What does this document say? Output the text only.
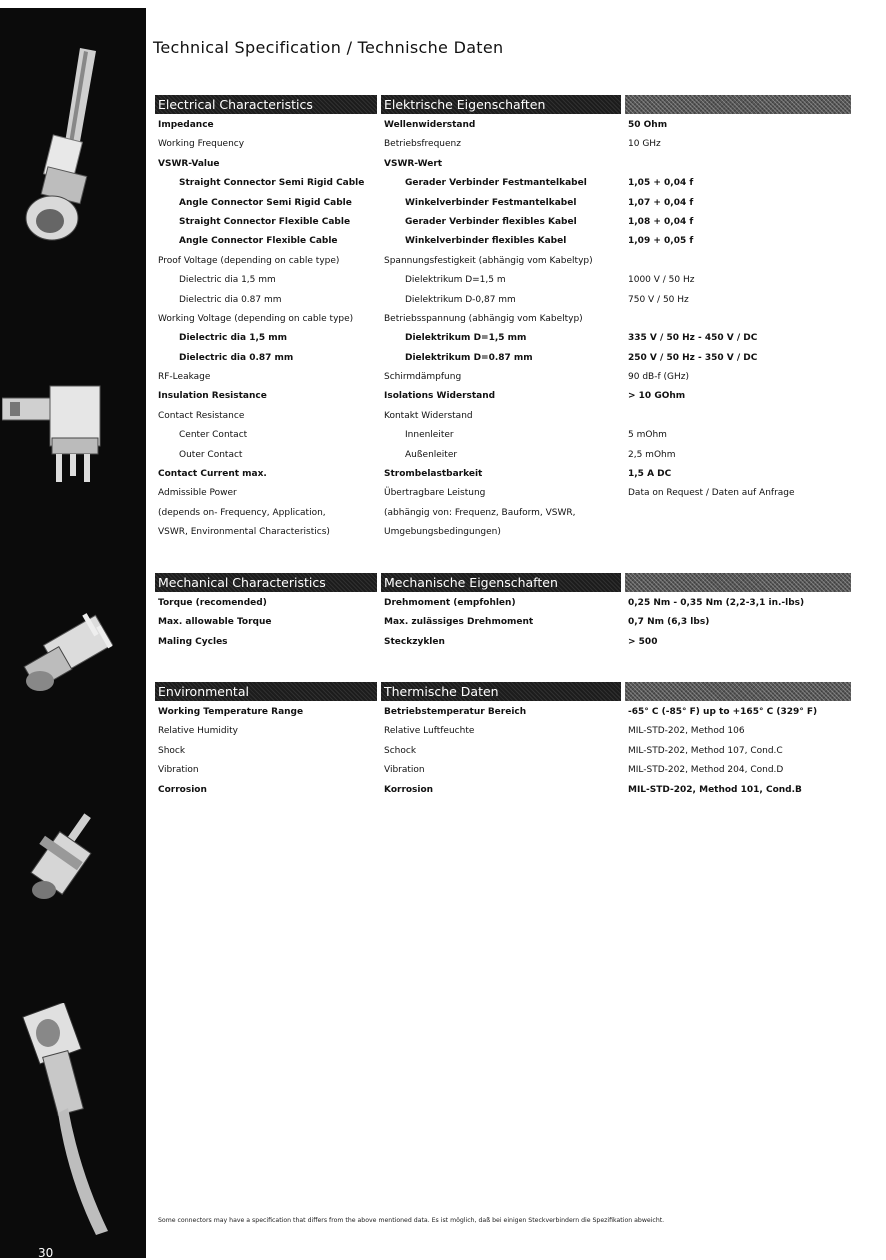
30
Technical Specification / Technische Daten
Electrical Characteristics	Elektrische Eigenschaften
Impedance	Wellenwiderstand	50 Ohm
Working Frequency	Betriebsfrequenz	10 GHz
VSWR-Value	VSWR-Wert
Straight Connector Semi Rigid Cable	Gerader Verbinder Festmantelkabel	1,05 + 0,04 f
Angle Connector Semi Rigid Cable	Winkelverbinder Festmantelkabel	1,07 + 0,04 f
Straight Connector Flexible Cable	Gerader Verbinder flexibles Kabel	1,08 + 0,04 f
Angle Connector Flexible Cable	Winkelverbinder flexibles Kabel	1,09 + 0,05 f
Proof Voltage (depending on cable type)	Spannungsfestigkeit (abhängig vom Kabeltyp)
Dielectric dia 1,5 mm	Dielektrikum D=1,5 m	1000 V / 50 Hz
Dielectric dia 0.87 mm	Dielektrikum D-0,87 mm	750 V / 50 Hz
Working Voltage (depending on cable type)	Betriebsspannung (abhängig vom Kabeltyp)
Dielectric dia 1,5 mm	Dielektrikum D=1,5 mm	335 V / 50 Hz - 450 V / DC
Dielectric dia 0.87 mm	Dielektrikum D=0.87 mm	250 V / 50 Hz - 350 V / DC
RF-Leakage	Schirmdämpfung	90 dB-f (GHz)
Insulation Resistance	Isolations Widerstand	> 10 GOhm
Contact Resistance	Kontakt Widerstand
Center Contact	Innenleiter	5 mOhm
Outer Contact	Außenleiter	2,5 mOhm
Contact Current max.	Strombelastbarkeit	1,5 A DC
Admissible Power	Übertragbare Leistung	Data on Request / Daten auf Anfrage
(depends on- Frequency, Application,	(abhängig von: Frequenz, Bauform, VSWR,
VSWR, Environmental Characteristics)	Umgebungsbedingungen)
Mechanical Characteristics	Mechanische Eigenschaften
Torque (recomended)	Drehmoment (empfohlen)	0,25 Nm - 0,35 Nm (2,2-3,1 in.-lbs)
Max. allowable Torque	Max. zulässiges Drehmoment	0,7 Nm (6,3 lbs)
Maling Cycles	Steckzyklen	> 500
Environmental	Thermische Daten
Working Temperature Range	Betriebstemperatur Bereich	-65° C (-85° F) up to +165° C (329° F)
Relative Humidity	Relative Luftfeuchte	MIL-STD-202, Method 106
Shock	Schock	MIL-STD-202, Method 107, Cond.C
Vibration	Vibration	MIL-STD-202, Method 204, Cond.D
Corrosion	Korrosion	MIL-STD-202, Method 101, Cond.B
Some connectors may have a specification that differs from the above mentioned data. Es ist möglich, daß bei einigen Steckverbindern die Spezifikation abweicht.
